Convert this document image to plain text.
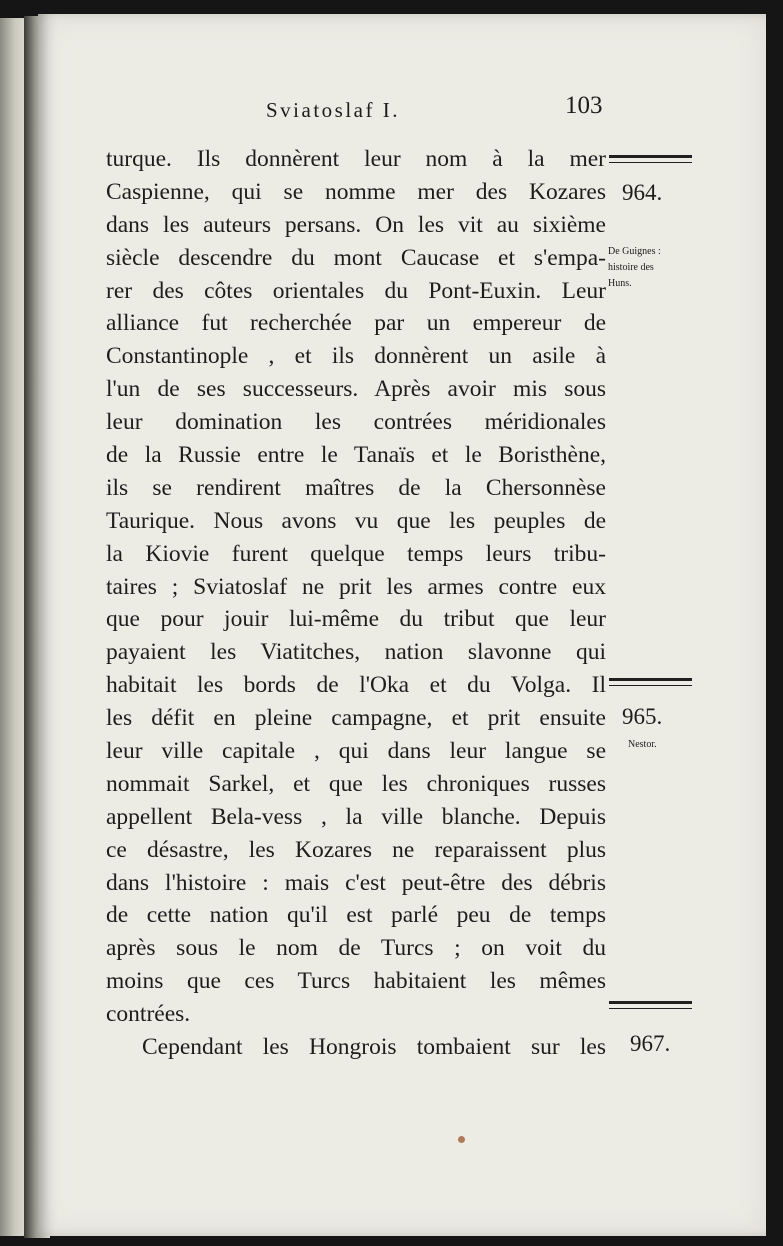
Sviatoslaf I.	103
turque. Ils donnèrent leur nom à la mer
Caspienne, qui se nomme mer des Kozares
dans les auteurs persans. On les vit au sixième
siècle descendre du mont Caucase et s'empa-
rer des côtes orientales du Pont-Euxin. Leur
alliance fut recherchée par un empereur de
Constantinople , et ils donnèrent un asile à
l'un de ses successeurs. Après avoir mis sous
leur domination les contrées méridionales
de la Russie entre le Tanaïs et le Boristhène,
ils se rendirent maîtres de la Chersonnèse
Taurique. Nous avons vu que les peuples de
la Kiovie furent quelque temps leurs tribu-
taires ; Sviatoslaf ne prit les armes contre eux
que pour jouir lui-même du tribut que leur
payaient les Viatitches, nation slavonne qui
habitait les bords de l'Oka et du Volga. Il
les défit en pleine campagne, et prit ensuite
leur ville capitale , qui dans leur langue se
nommait Sarkel, et que les chroniques russes
appellent Bela-vess , la ville blanche. Depuis
ce désastre, les Kozares ne reparaissent plus
dans l'histoire : mais c'est peut-être des débris
de cette nation qu'il est parlé peu de temps
après sous le nom de Turcs ; on voit du
moins que ces Turcs habitaient les mêmes
contrées.
Cependant les Hongrois tombaient sur les
964.
De Guignes :
histoire des
Huns.
965.
Nestor.
967.
